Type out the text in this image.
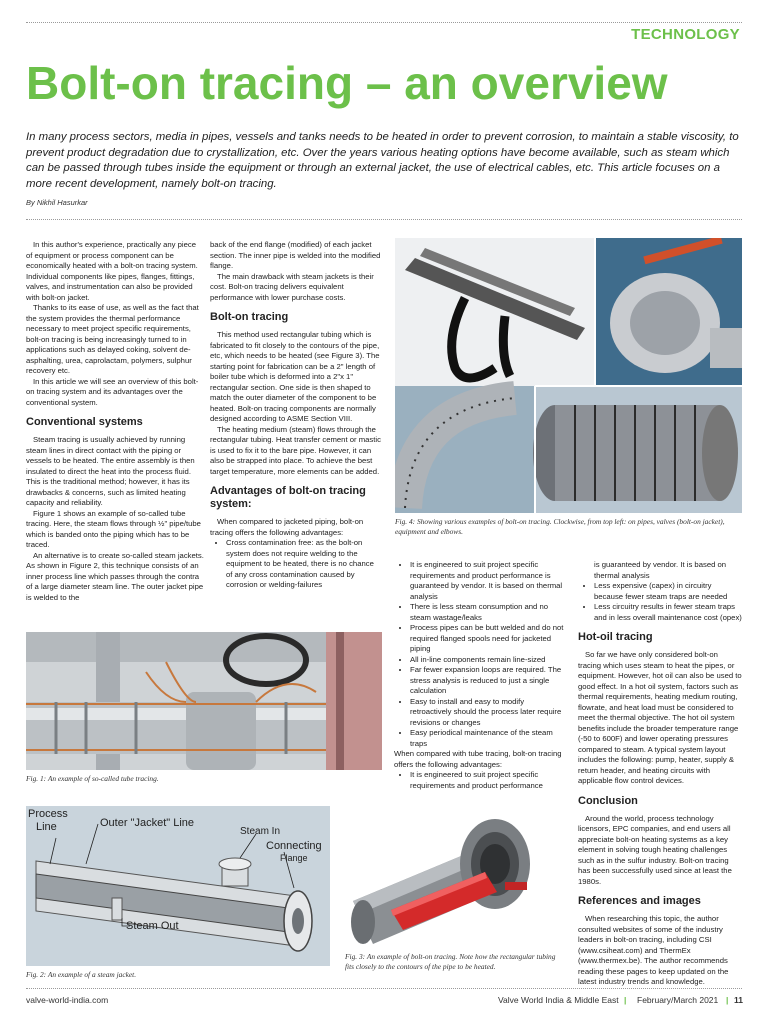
TECHNOLOGY
Bolt-on tracing – an overview
In many process sectors, media in pipes, vessels and tanks needs to be heated in order to prevent corrosion, to maintain a stable viscosity, to prevent product degradation due to crystallization, etc. Over the years various heating options have become available, such as steam which can be passed through tubes inside the equipment or through an external jacket, the use of electrical cables, etc. This article focuses on a more recent development, namely bolt-on tracing.
By Nikhil Hasurkar

In this author's experience, practically any piece of equipment or process component can be economically heated with a bolt-on tracing system. Individual components like pipes, flanges, fittings, valves, and instrumentation can also be provided with bolt-on jacket.

Thanks to its ease of use, as well as the fact that the system provides the thermal performance necessary to meet project specific requirements, bolt-on tracing is being increasingly turned to in applications such as delayed coking, solvent de-asphalting, urea, caprolactam, polymers, sulphur recovery etc.

In this article we will see an overview of this bolt-on tracing system and its advantages over the conventional system.

Conventional systems

Steam tracing is usually achieved by running steam lines in direct contact with the piping or vessels to be heated. The entire assembly is then insulated to direct the heat into the process fluid. This is the traditional method; however, it has its drawbacks & concerns, such as limited heating capacity and reliability.

Figure 1 shows an example of so-called tube tracing. Here, the steam flows through ½" pipe/tube which is banded onto the piping which has to be traced.

An alternative is to create so-called steam jackets. As shown in Figure 2, this technique consists of an inner process line which passes through the contra of a large diameter steam line. The outer jacket pipe is welded to the

back of the end flange (modified) of each jacket section. The inner pipe is welded into the modified flange.

The main drawback with steam jackets is their cost. Bolt-on tracing delivers equivalent performance with lower purchase costs.

Bolt-on tracing

This method used rectangular tubing which is fabricated to fit closely to the contours of the pipe, etc, which needs to be heated (see Figure 3). The starting point for fabrication can be a 2" length of boiler tube which is deformed into a 2"x 1" rectangular section. One side is then shaped to match the outer diameter of the component to be heated. Bolt-on tracing components are normally designed according to ASME Section VIII.

The heating medium (steam) flows through the rectangular tubing. Heat transfer cement or mastic is used to fix it to the bare pipe. However, it can also be strapped into place. To achieve the best target temperature, more elements can be added.

Advantages of bolt-on tracing system:

When compared to jacketed piping, bolt-on tracing offers the following advantages:

• Cross contamination free: as the bolt-on system does not require welding to the equipment to be heated, there is no chance of any cross contamination caused by corrosion or welding-failures
Fig. 4: Showing various examples of bolt-on tracing. Clockwise, from top left: on pipes, valves (bolt-on jacket), equipment and elbows.
• It is engineered to suit project specific requirements and product performance is guaranteed by vendor. It is based on thermal analysis
• There is less steam consumption and no steam wastage/leaks
• Process pipes can be butt welded and do not required flanged spools need for jacketed piping
• All in-line components remain line-sized
• Far fewer expansion loops are required. The stress analysis is reduced to just a single calculation
• Easy to install and easy to modify retroactively should the process later require revisions or changes
• Easy periodical maintenance of the steam traps

When compared with tube tracing, bolt-on tracing offers the following advantages:

• It is engineered to suit project specific requirements and product performance

is guaranteed by vendor. It is based on thermal analysis

• Less expensive (capex) in circuitry because fewer steam traps are needed
• Less circuitry results in fewer steam traps and in less overall maintenance cost (opex)
Hot-oil tracing

So far we have only considered bolt-on tracing which uses steam to heat the pipes, or equipment. However, hot oil can also be used to good effect. In a hot oil system, factors such as thermal requirements, heating medium routing, flowrate, and heat load must be considered to meet the thermal objective. The hot oil system benefits include the broader temperature range (-50 to 600F) and lower operating pressures compared to steam. A typical system layout includes the following: pump, heater, supply & return header, and heating circuits with applicable flow control devices.

Conclusion

Around the world, process technology licensors, EPC companies, and end users all appreciate bolt-on heating systems as a key element in solving tough heating challenges such as in the sulfur industry. Bolt-on tracing has been successfully used since at least the 1980s.

References and images

When researching this topic, the author consulted websites of some of the industry leaders in bolt-on tracing, including CSI (www.csiheat.com) and ThermEx (www.thermex.be). The author recommends reading these pages to keep updated on the latest industry trends and knowledge.

Fig. 1: An example of so-called tube tracing.
Process
Line	Outer "Jacket" Line
Steam In
Connecting
Flange
Steam Out
Fig. 2: An example of a steam jacket.
Fig. 3: An example of bolt-on tracing. Note how the rectangular tubing fits closely to the contours of the pipe to be heated.
valve-world-india.com	Valve World India & Middle East | February/March 2021 | 11
